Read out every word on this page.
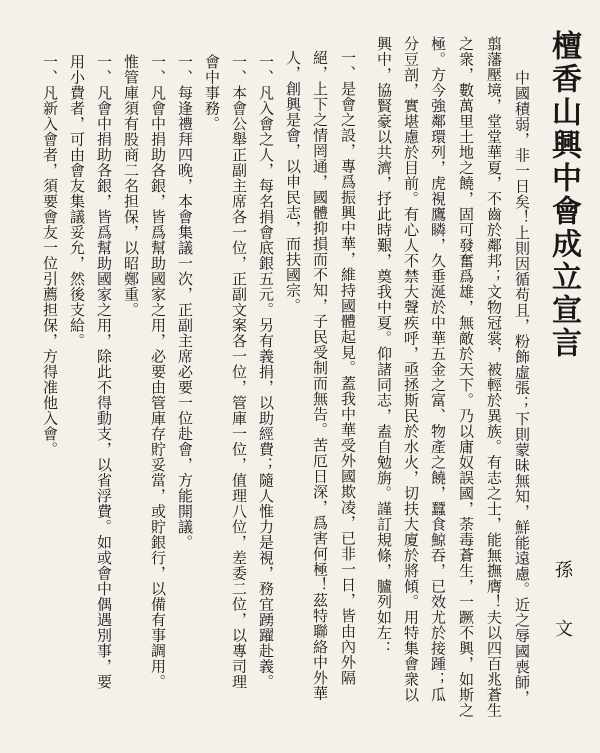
檀香山興中會成立宣言
孫 文
中國積弱，非一日矣！上則因循苟且，粉飾虛張；下則蒙昧無知，鮮能遠慮。近之辱國喪師，
翦藩壓境，堂堂華夏，不齒於鄰邦；文物冠裳，被輕於異族。有志之士，能無撫膺！夫以四百兆蒼生
之衆，數萬里土地之饒，固可發奮爲雄，無敵於天下。乃以庸奴誤國，荼毒蒼生，一蹶不興，如斯之
極。方今強鄰環列，虎視鷹瞵，久垂涎於中華五金之富、物產之饒，蠶食鯨吞，已效尤於接踵；瓜
分豆剖，實堪慮於目前。有心人不禁大聲疾呼，亟拯斯民於水火，切扶大廈於將傾。用特集會衆以
興中，協賢豪以共濟，抒此時艱，奠我中夏。仰諸同志，盍自勉旃。謹訂規條，臚列如左：
一、是會之設，專爲振興中華，維持國體起見。蓋我中華受外國欺凌，已非一日，皆由內外隔
絕，上下之情罔通，國體抑損而不知，子民受制而無告。苦厄日深，爲害何極！茲特聯絡中外華
人，創興是會，以申民志，而扶國宗。
一、凡入會之人，每名捐會底銀五元。另有義捐，以助經費；隨人惟力是視，務宜踴躍赴義。
一、本會公舉正副主席各一位，正副文案各一位，管庫一位，值理八位，差委二位，以專司理
會中事務。
一、每逢禮拜四晚，本會集議一次，正副主席必要一位赴會，方能開議。
一、凡會中捐助各銀，皆爲幫助國家之用，必要由管庫存貯妥當，或貯銀行，以備有事調用。
惟管庫須有股商二名担保，以昭鄭重。
一、凡會中捐助各銀，皆爲幫助國家之用，除此不得動支，以省浮費。如或會中偶遇別事，要
用小費者，可由會友集議妥允，然後支給。
一、凡新入會者，須要會友一位引薦担保，方得准他入會。
